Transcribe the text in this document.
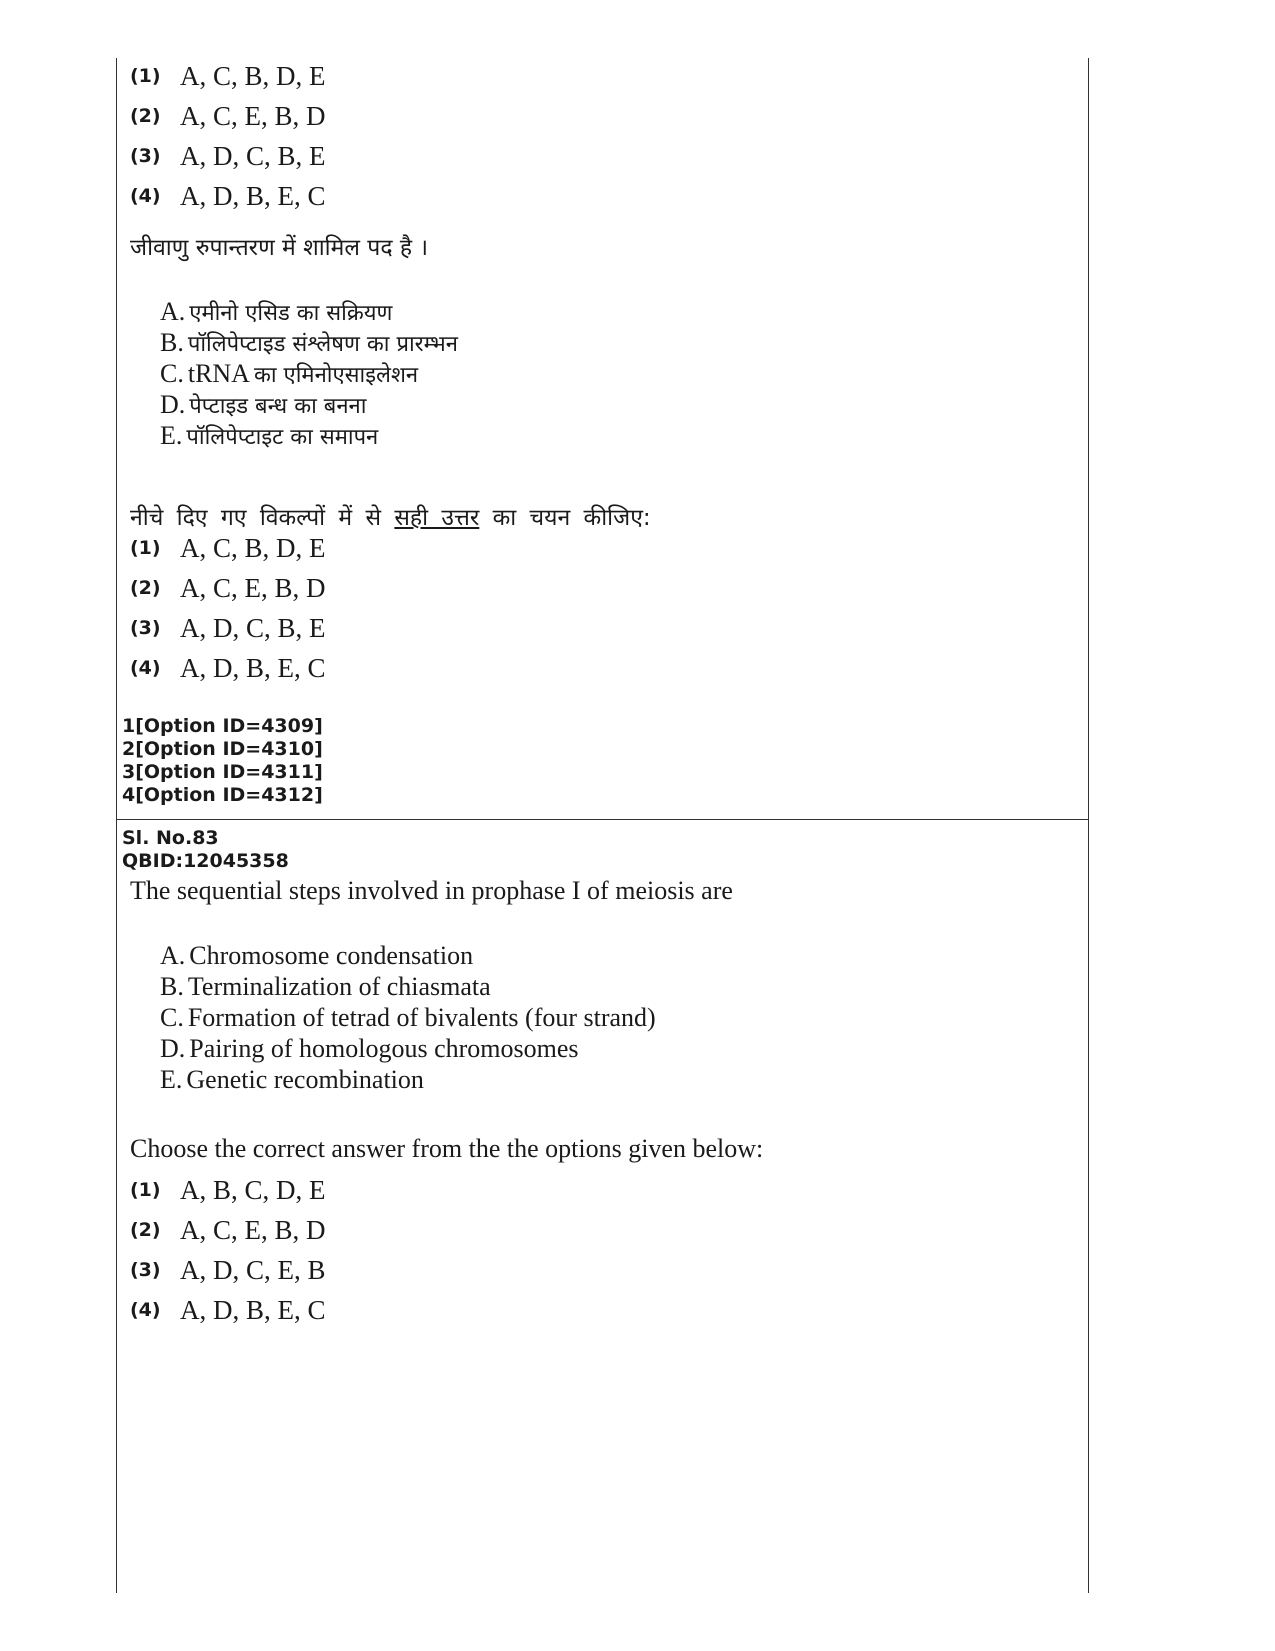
(1) A, C, B, D, E
(2) A, C, E, B, D
(3) A, D, C, B, E
(4) A, D, B, E, C
जीवाणु रुपान्तरण में शामिल पद है ।
A. एमीनो एसिड का सक्रियण
B. पॉलिपेप्टाइड संश्लेषण का प्रारम्भन
C. tRNA का एमिनोएसाइलेशन
D. पेप्टाइड बन्ध का बनना
E. पॉलिपेप्टाइट का समापन
नीचे दिए गए विकल्पों में से सही उत्तर का चयन कीजिए:
(1) A, C, B, D, E
(2) A, C, E, B, D
(3) A, D, C, B, E
(4) A, D, B, E, C
1[Option ID=4309]
2[Option ID=4310]
3[Option ID=4311]
4[Option ID=4312]
Sl. No.83
QBID:12045358
The sequential steps involved in prophase I of meiosis are
A. Chromosome condensation
B. Terminalization of chiasmata
C. Formation of tetrad of bivalents (four strand)
D. Pairing of homologous chromosomes
E. Genetic recombination
Choose the correct answer from the the options given below:
(1) A, B, C, D, E
(2) A, C, E, B, D
(3) A, D, C, E, B
(4) A, D, B, E, C
